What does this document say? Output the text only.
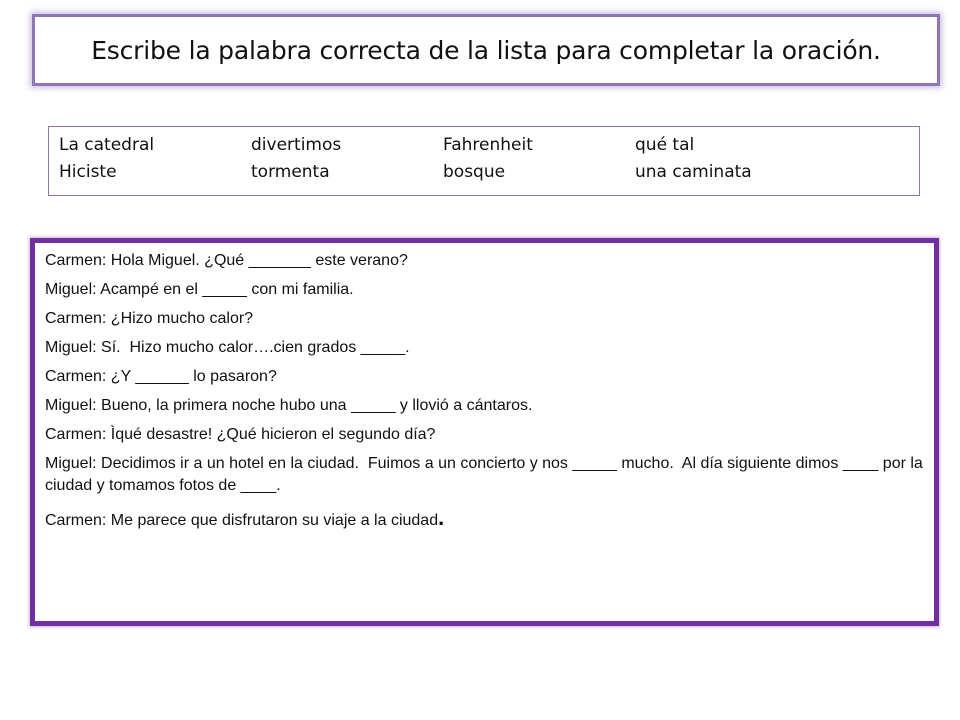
Escribe la palabra correcta de la lista para completar la oración.
La catedral	divertimos	Fahrenheit	qué tal
Hiciste	tormenta	bosque	una caminata

Carmen: Hola Miguel. ¿Qué _______ este verano?

Miguel: Acampé en el _____ con mi familia.

Carmen: ¿Hizo mucho calor?

Miguel: Sí.  Hizo mucho calor….cien grados _____.

Carmen: ¿Y ______ lo pasaron?

Miguel: Bueno, la primera noche hubo una _____ y llovió a cántaros.

Carmen: Ìqué desastre! ¿Qué hicieron el segundo día?

Miguel: Decidimos ir a un hotel en la ciudad.  Fuimos a un concierto y nos _____ mucho.  Al día siguiente dimos ____ por la ciudad y tomamos fotos de ____.

Carmen: Me parece que disfrutaron su viaje a la ciudad.
